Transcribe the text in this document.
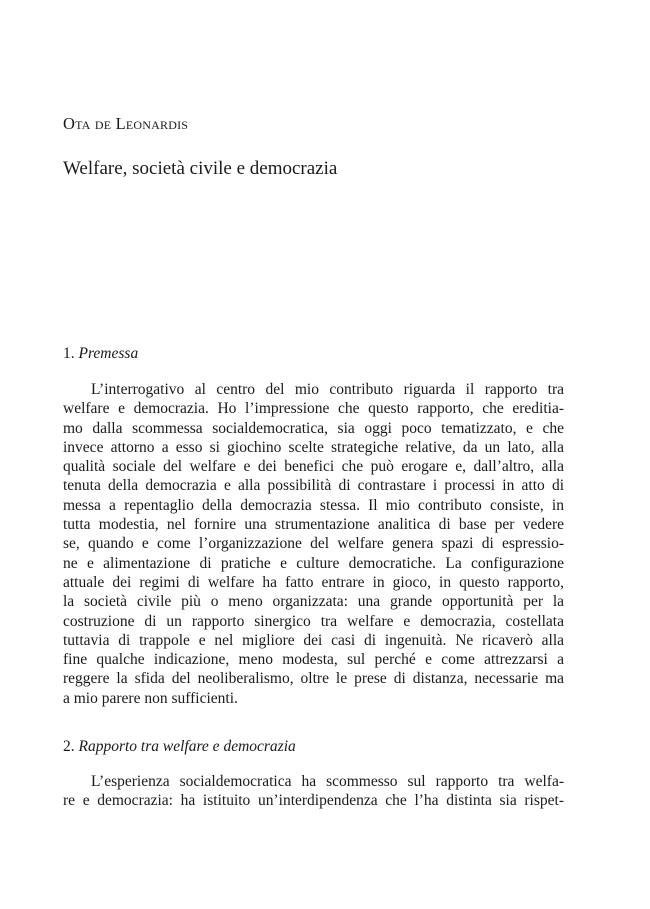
Ota de Leonardis
Welfare, società civile e democrazia
1. Premessa
L’interrogativo al centro del mio contributo riguarda il rapporto tra
welfare e democrazia. Ho l’impressione che questo rapporto, che ereditia-
mo dalla scommessa socialdemocratica, sia oggi poco tematizzato, e che
invece attorno a esso si giochino scelte strategiche relative, da un lato, alla
qualità sociale del welfare e dei benefici che può erogare e, dall’altro, alla
tenuta della democrazia e alla possibilità di contrastare i processi in atto di
messa a repentaglio della democrazia stessa. Il mio contributo consiste, in
tutta modestia, nel fornire una strumentazione analitica di base per vedere
se, quando e come l’organizzazione del welfare genera spazi di espressio-
ne e alimentazione di pratiche e culture democratiche. La configurazione
attuale dei regimi di welfare ha fatto entrare in gioco, in questo rapporto,
la società civile più o meno organizzata: una grande opportunità per la
costruzione di un rapporto sinergico tra welfare e democrazia, costellata
tuttavia di trappole e nel migliore dei casi di ingenuità. Ne ricaverò alla
fine qualche indicazione, meno modesta, sul perché e come attrezzarsi a
reggere la sfida del neoliberalismo, oltre le prese di distanza, necessarie ma
a mio parere non sufficienti.
2. Rapporto tra welfare e democrazia
L’esperienza socialdemocratica ha scommesso sul rapporto tra welfa-
re e democrazia: ha istituito un’interdipendenza che l’ha distinta sia rispet-
